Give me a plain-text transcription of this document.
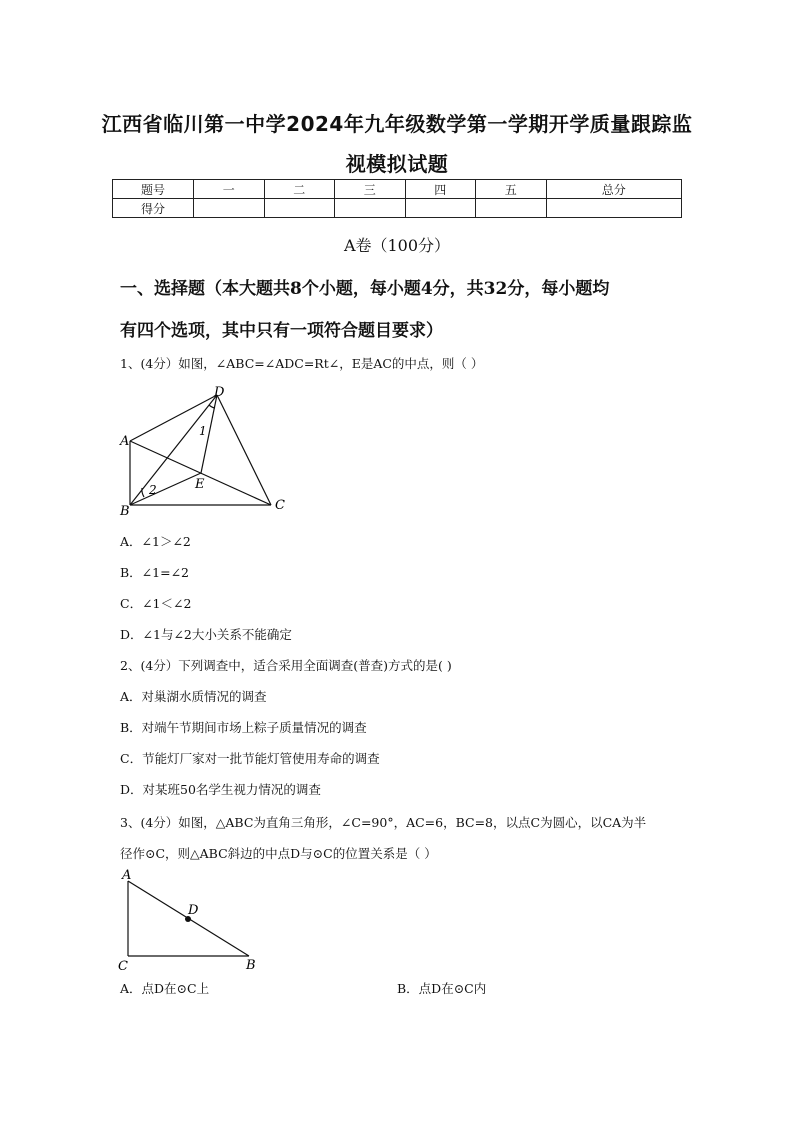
江西省临川第一中学2024年九年级数学第一学期开学质量跟踪监
视模拟试题
题号	一	二	三	四	五	总分
得分						
A卷（100分）
一、选择题（本大题共8个小题，每小题4分，共32分，每小题均
有四个选项，其中只有一项符合题目要求）
1、(4分）如图，∠ABC=∠ADC=Rt∠，E是AC的中点，则（ ）
A
B	C
D
E
1
2
A．∠1＞∠2
B．∠1=∠2
C．∠1＜∠2
D．∠1与∠2大小关系不能确定
2、(4分）下列调查中，适合采用全面调查(普查)方式的是( )
A．对巢湖水质情况的调查
B．对端午节期间市场上粽子质量情况的调查
C．节能灯厂家对一批节能灯管使用寿命的调查
D．对某班50名学生视力情况的调查
3、(4分）如图，△ABC为直角三角形，∠C=90°，AC=6，BC=8，以点C为圆心，以CA为半
径作⊙C，则△ABC斜边的中点D与⊙C的位置关系是（ ）
A
C	B
D
A．点D在⊙C上	B．点D在⊙C内
